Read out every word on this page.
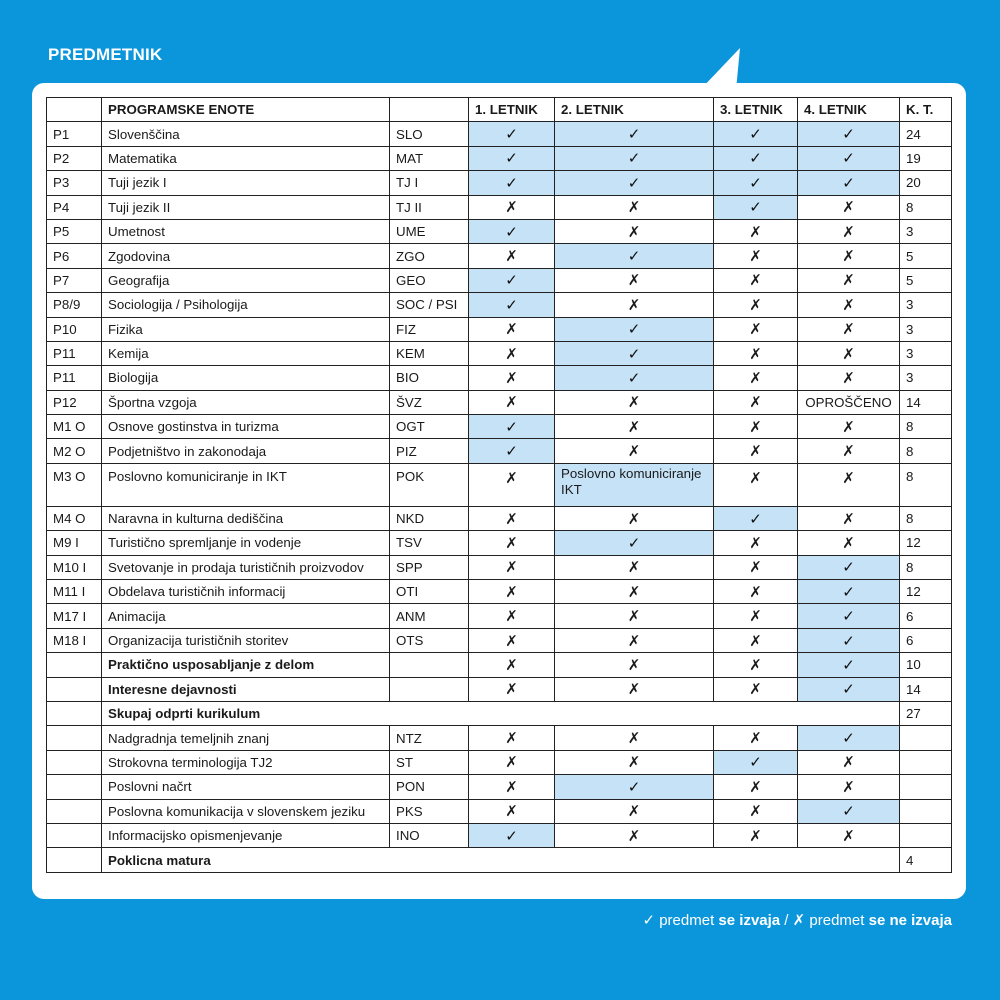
PREDMETNIK
	PROGRAMSKE ENOTE		1. LETNIK	2. LETNIK	3. LETNIK	4. LETNIK	K. T.
P1	Slovenščina	SLO	✓	✓	✓	✓	24
P2	Matematika	MAT	✓	✓	✓	✓	19
P3	Tuji jezik I	TJ I	✓	✓	✓	✓	20
P4	Tuji jezik II	TJ II	✗	✗	✓	✗	8
P5	Umetnost	UME	✓	✗	✗	✗	3
P6	Zgodovina	ZGO	✗	✓	✗	✗	5
P7	Geografija	GEO	✓	✗	✗	✗	5
P8/9	Sociologija / Psihologija	SOC / PSI	✓	✗	✗	✗	3
P10	Fizika	FIZ	✗	✓	✗	✗	3
P11	Kemija	KEM	✗	✓	✗	✗	3
P11	Biologija	BIO	✗	✓	✗	✗	3
P12	Športna vzgoja	ŠVZ	✗	✗	✗	OPROŠČENO	14
M1 O	Osnove gostinstva in turizma	OGT	✓	✗	✗	✗	8
M2 O	Podjetništvo in zakonodaja	PIZ	✓	✗	✗	✗	8
M3 O	Poslovno komuniciranje in IKT	POK	✗	Poslovno komuniciranje IKT	✗	✗	8
M4 O	Naravna in kulturna dediščina	NKD	✗	✗	✓	✗	8
M9 I	Turistično spremljanje in vodenje	TSV	✗	✓	✗	✗	12
M10 I	Svetovanje in prodaja turističnih proizvodov	SPP	✗	✗	✗	✓	8
M11 I	Obdelava turističnih informacij	OTI	✗	✗	✗	✓	12
M17 I	Animacija	ANM	✗	✗	✗	✓	6
M18 I	Organizacija turističnih storitev	OTS	✗	✗	✗	✓	6
	Praktično usposabljanje z delom		✗	✗	✗	✓	10
	Interesne dejavnosti		✗	✗	✗	✓	14
	Skupaj odprti kurikulum						27
	Nadgradnja temeljnih znanj	NTZ	✗	✗	✗	✓	
	Strokovna terminologija TJ2	ST	✗	✗	✓	✗	
	Poslovni načrt	PON	✗	✓	✗	✗	
	Poslovna komunikacija v slovenskem jeziku	PKS	✗	✗	✗	✓	
	Informacijsko opismenjevanje	INO	✓	✗	✗	✗	
	Poklicna matura						4
✓ predmet se izvaja / ✗ predmet se ne izvaja
